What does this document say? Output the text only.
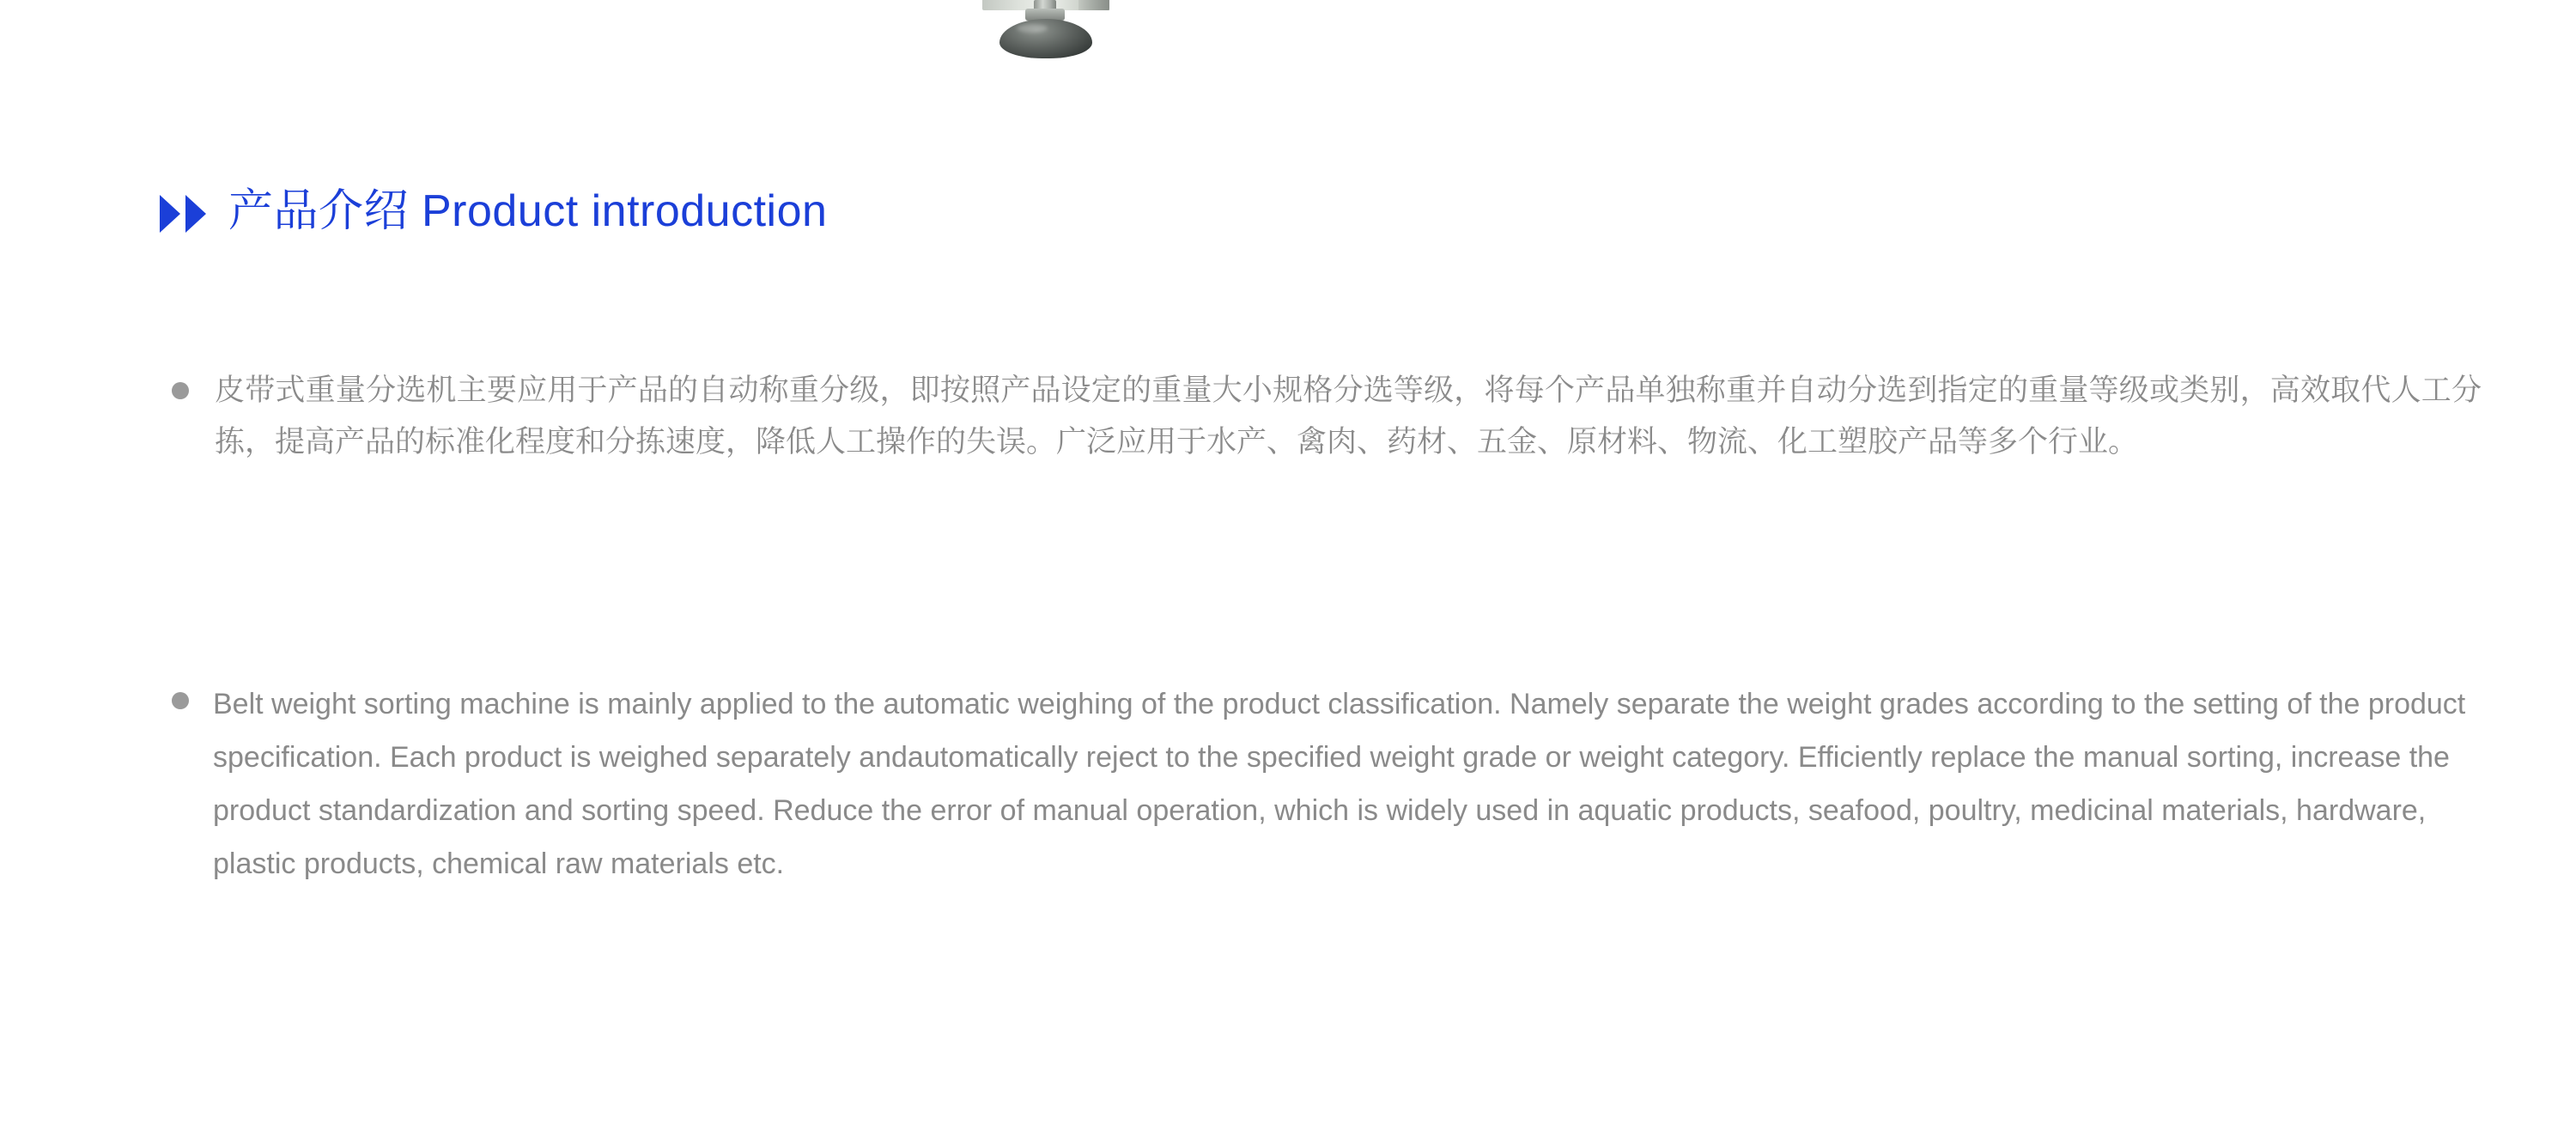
产品介绍 Product introduction
皮带式重量分选机主要应用于产品的自动称重分级，即按照产品设定的重量大小规格分选等级，将每个产品单独称重并自动分选到指定的重量等级或类别，高效取代人工分拣，提高产品的标准化程度和分拣速度，降低人工操作的失误。广泛应用于水产、禽肉、药材、五金、原材料、物流、化工塑胶产品等多个行业。
Belt weight sorting machine is mainly applied to the automatic weighing of the product classification. Namely separate the weight grades according to the setting of the product specification. Each product is weighed separately andautomatically reject to the specified weight grade or weight category. Efficiently replace the manual sorting, increase the product standardization and sorting speed. Reduce the error of manual operation, which is widely used in aquatic products, seafood, poultry, medicinal materials, hardware, plastic products, chemical raw materials etc.
